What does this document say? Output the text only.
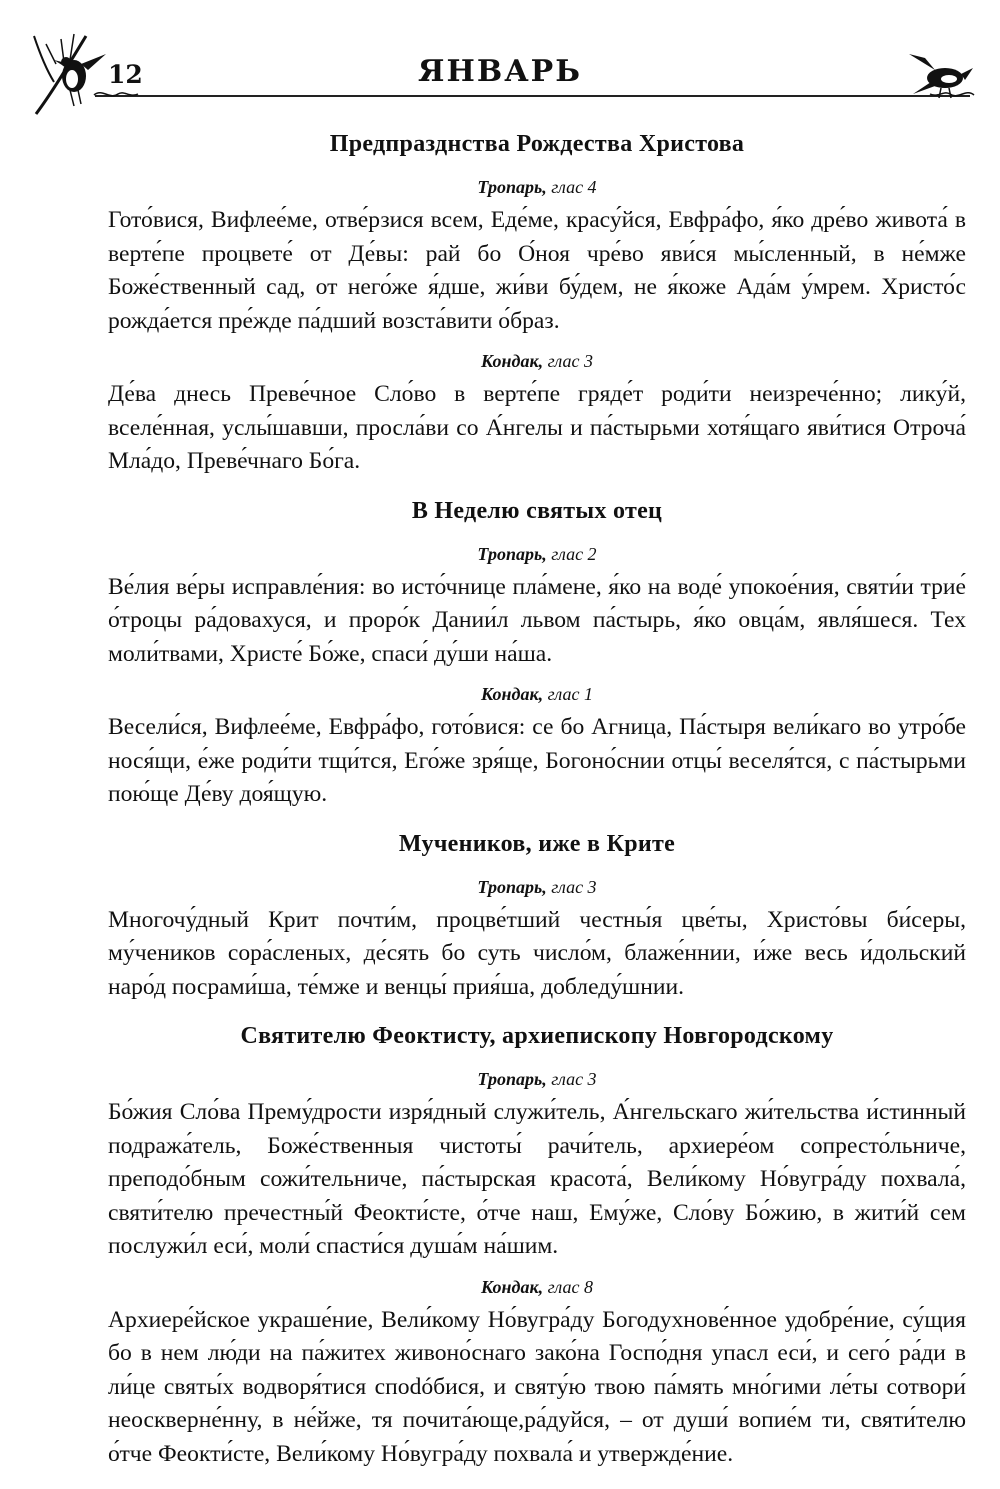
12	ЯНВАРЬ
Предпразднства Рождества Христова
Тропарь, глас 4
Гото́вися, Вифлее́ме, отве́рзися всем, Еде́ме, красу́йся, Евфра́фо, я́ко дре́во живота́ в верте́пе процвете́ от Де́вы: рай бо О́ноя чре́во яви́ся мы́сленный, в не́мже Боже́ственный сад, от него́же я́дше, жи́ви бу́дем, не я́коже Ада́м у́мрем. Христо́с рожда́ется пре́жде па́дший возста́вити о́браз.
Кондак, глас 3
Де́ва днесь Преве́чное Сло́во в верте́пе гряде́т роди́ти неизрече́нно; лику́й, вселе́нная, услы́шавши, просла́ви со А́нгелы и па́стырьми хотя́щаго яви́тися Отроча́ Мла́до, Преве́чнаго Бо́га.
В Неделю святых отец
Тропарь, глас 2
Ве́лия ве́ры исправле́ния: во исто́чнице пла́мене, я́ко на воде́ упокое́ния, святи́и трие́ о́троцы ра́довахуся, и проро́к Дании́л львом па́стырь, я́ко овца́м, явля́шеся. Тех моли́твами, Христе́ Бо́же, спаси́ ду́ши на́ша.
Кондак, глас 1
Весели́ся, Вифлее́ме, Евфра́фо, гото́вися: се бо Агница, Па́стыря вели́каго во утро́бе нося́щи, е́же роди́ти тщи́тся, Его́же зря́ще, Богоно́снии отцы́ веселя́тся, с па́стырьми пою́ще Де́ву доя́щую.
Мучеников, иже в Крите
Тропарь, глас 3
Многочу́дный Крит почти́м, процве́тший честны́я цве́ты, Христо́вы би́серы, му́чеников сора́сленых, де́сять бо суть число́м, блаже́ннии, и́же весь и́дольский наро́д посрами́ша, те́мже и венцы́ прия́ша, добледу́шнии.
Святителю Феоктисту, архиепископу Новгородскому
Тропарь, глас 3
Бо́жия Сло́ва Прему́дрости изря́дный служи́тель, А́нгельскаго жи́тельства и́стинный подража́тель, Боже́ственныя чистоты́ рачи́тель, архиере́ом сопресто́льниче, преподо́бным сожи́тельниче, па́стырская красота́, Вели́кому Но́вугра́ду похвала́, святи́телю пречестны́й Феокти́сте, о́тче наш, Ему́же, Сло́ву Бо́жию, в жити́й сем послужи́л еси́, моли́ спасти́ся душа́м на́шим.
Кондак, глас 8
Архиере́йское украше́ние, Вели́кому Но́вугра́ду Богодухнове́нное удобре́ние, су́щия бо в нем лю́ди на па́житех живоно́снаго зако́на Госпо́дня упасл еси́, и сего́ ра́ди в ли́це святы́х водворя́тися спodóбися, и святу́ю твою па́мять мно́гими ле́ты сотвори́ неоскверне́нну, в не́йже, тя почита́юще,ра́дуйся, – от души́ вопие́м ти, святи́телю о́тче Феокти́сте, Вели́кому Но́вугра́ду похвала́ и утвержде́ние.
